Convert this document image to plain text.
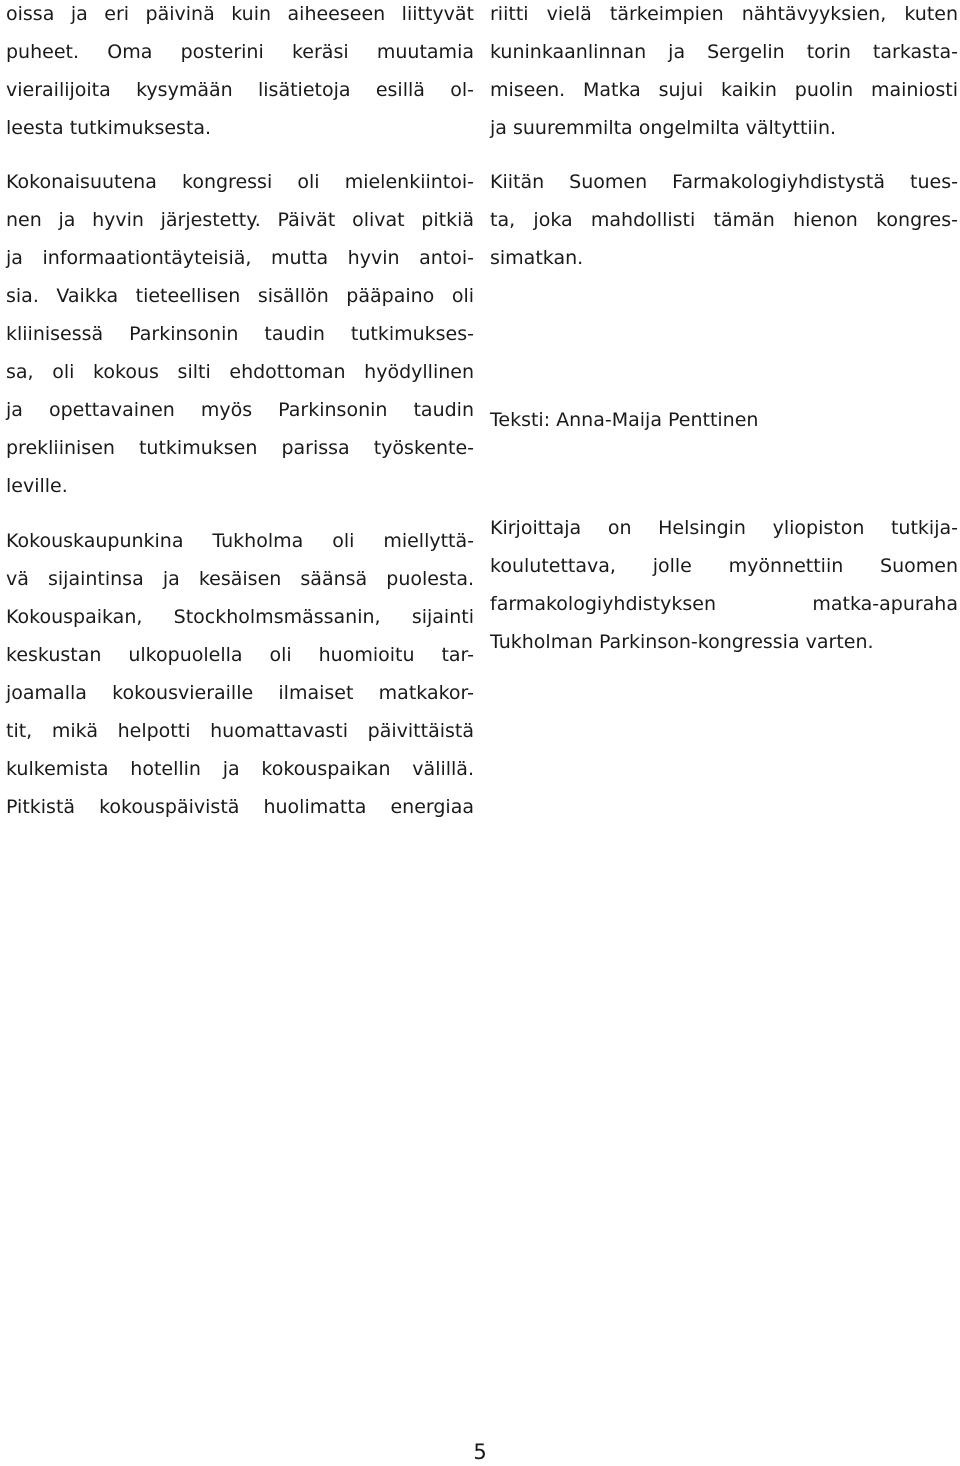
oissa ja eri päivinä kuin aiheeseen liittyvät
puheet. Oma posterini keräsi muutamia
vierailijoita kysymään lisätietoja esillä ol-
leesta tutkimuksesta.
Kokonaisuutena kongressi oli mielenkiintoi-
nen ja hyvin järjestetty. Päivät olivat pitkiä
ja informaationtäyteisiä, mutta hyvin antoi-
sia. Vaikka tieteellisen sisällön pääpaino oli
kliinisessä Parkinsonin taudin tutkimukses-
sa, oli kokous silti ehdottoman hyödyllinen
ja opettavainen myös Parkinsonin taudin
prekliinisen tutkimuksen parissa työskente-
leville.
Kokouskaupunkina Tukholma oli miellyttä-
vä sijaintinsa ja kesäisen säänsä puolesta.
Kokouspaikan, Stockholmsmässanin, sijainti
keskustan ulkopuolella oli huomioitu tar-
joamalla kokousvieraille ilmaiset matkakor-
tit, mikä helpotti huomattavasti päivittäistä
kulkemista hotellin ja kokouspaikan välillä.
Pitkistä kokouspäivistä huolimatta energiaa
riitti vielä tärkeimpien nähtävyyksien, kuten
kuninkaanlinnan ja Sergelin torin tarkasta-
miseen. Matka sujui kaikin puolin mainiosti
ja suuremmilta ongelmilta vältyttiin.
Kiitän Suomen Farmakologiyhdistystä tues-
ta, joka mahdollisti tämän hienon kongres-
simatkan.
Teksti: Anna-Maija Penttinen
Kirjoittaja on Helsingin yliopiston tutkija-
koulutettava, jolle myönnettiin Suomen
farmakologiyhdistyksen matka-apuraha
Tukholman Parkinson-kongressia varten.
5
